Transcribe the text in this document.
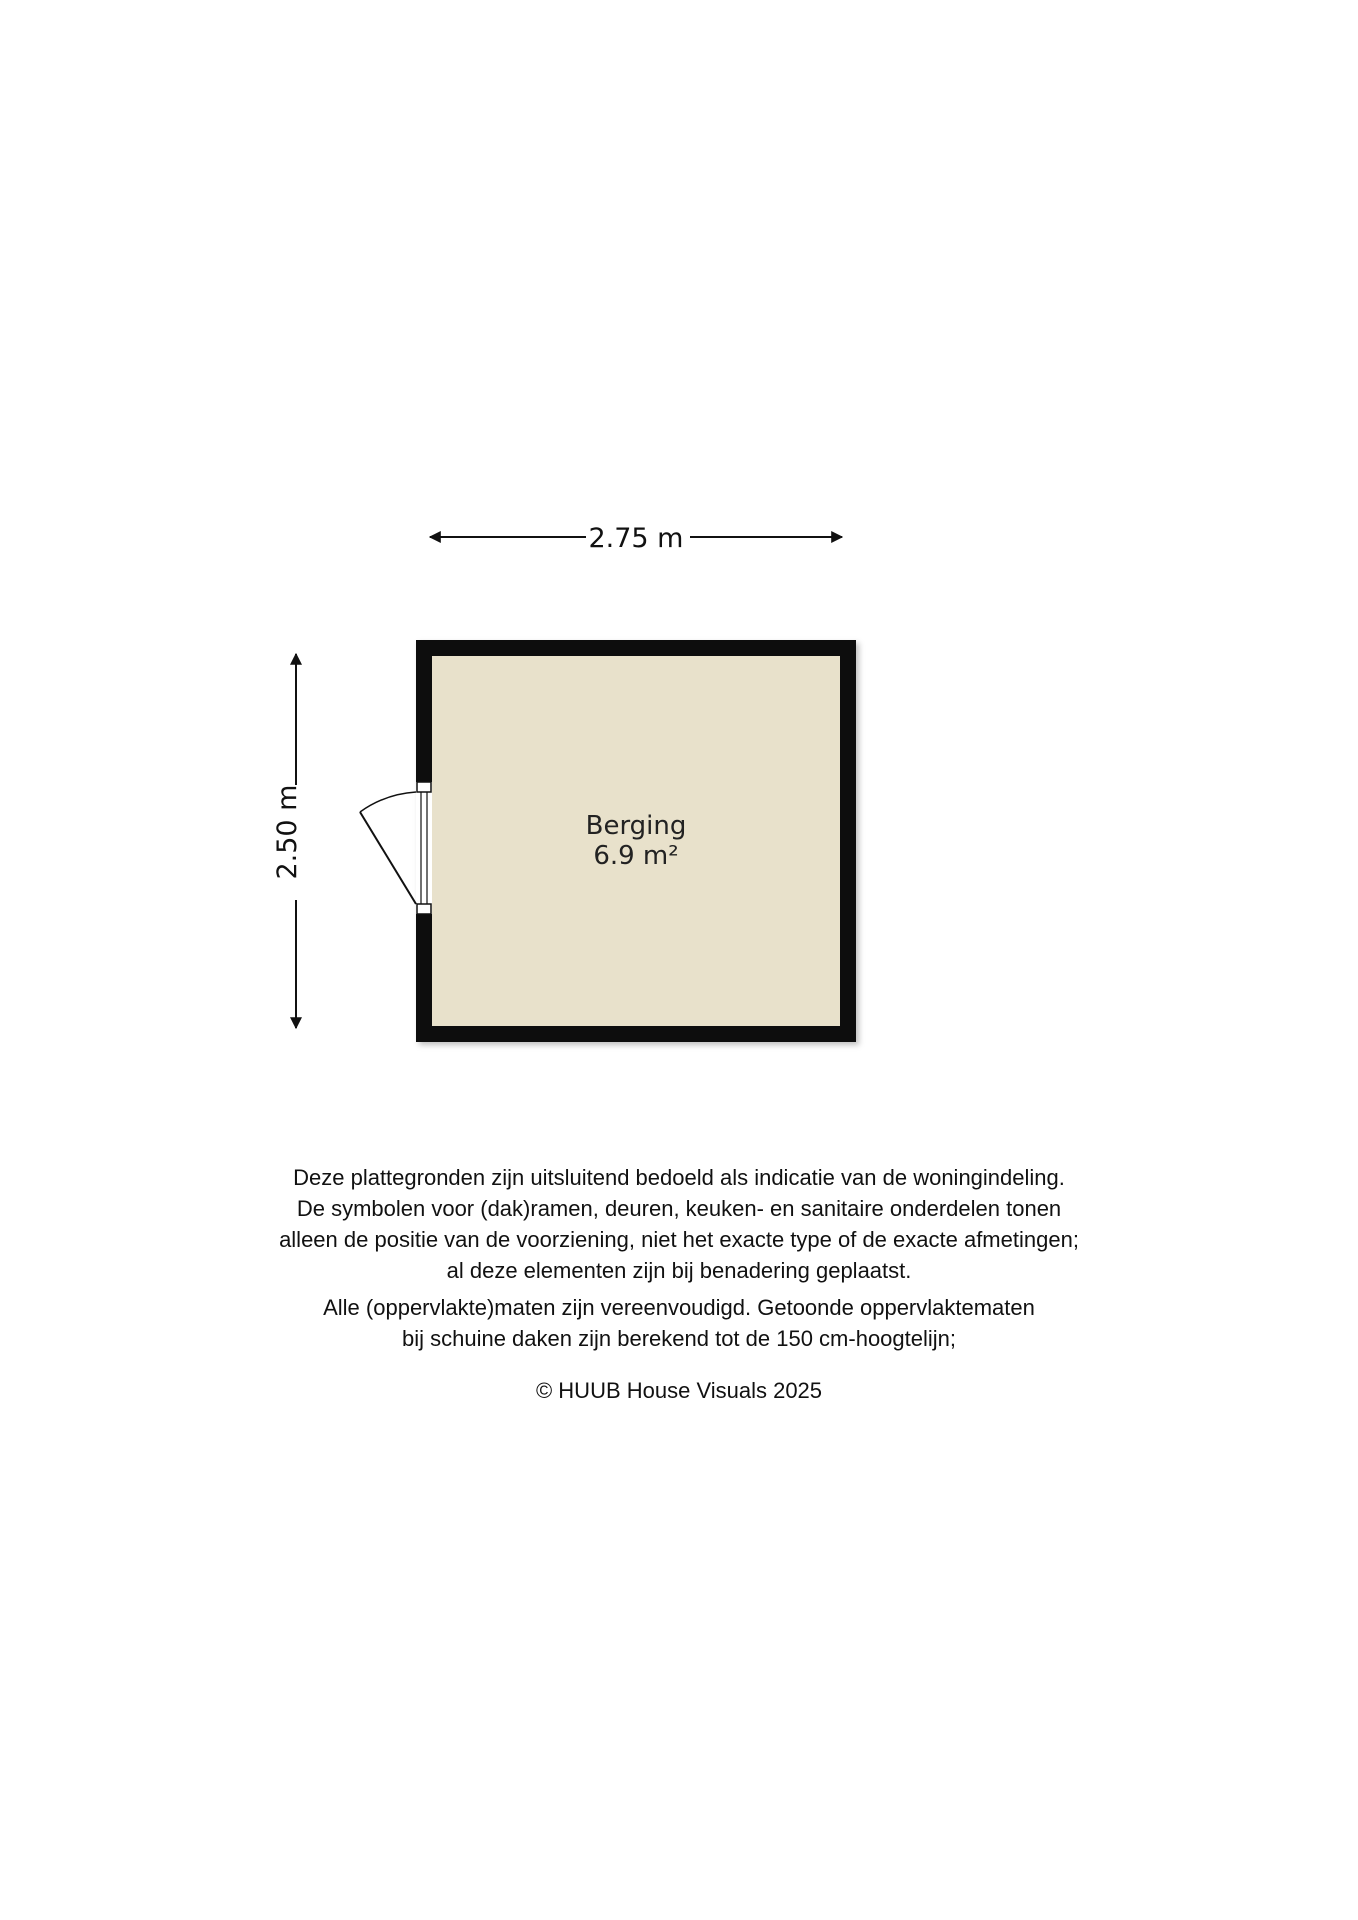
2.75 m
2.50 m	Berging
6.9 m²

Deze plattegronden zijn uitsluitend bedoeld als indicatie van de woningindeling.

De symbolen voor (dak)ramen, deuren, keuken- en sanitaire onderdelen tonen

alleen de positie van de voorziening, niet het exacte type of de exacte afmetingen;

al deze elementen zijn bij benadering geplaatst.

Alle (oppervlakte)maten zijn vereenvoudigd. Getoonde oppervlaktematen

bij schuine daken zijn berekend tot de 150 cm-hoogtelijn;

© HUUB House Visuals 2025
